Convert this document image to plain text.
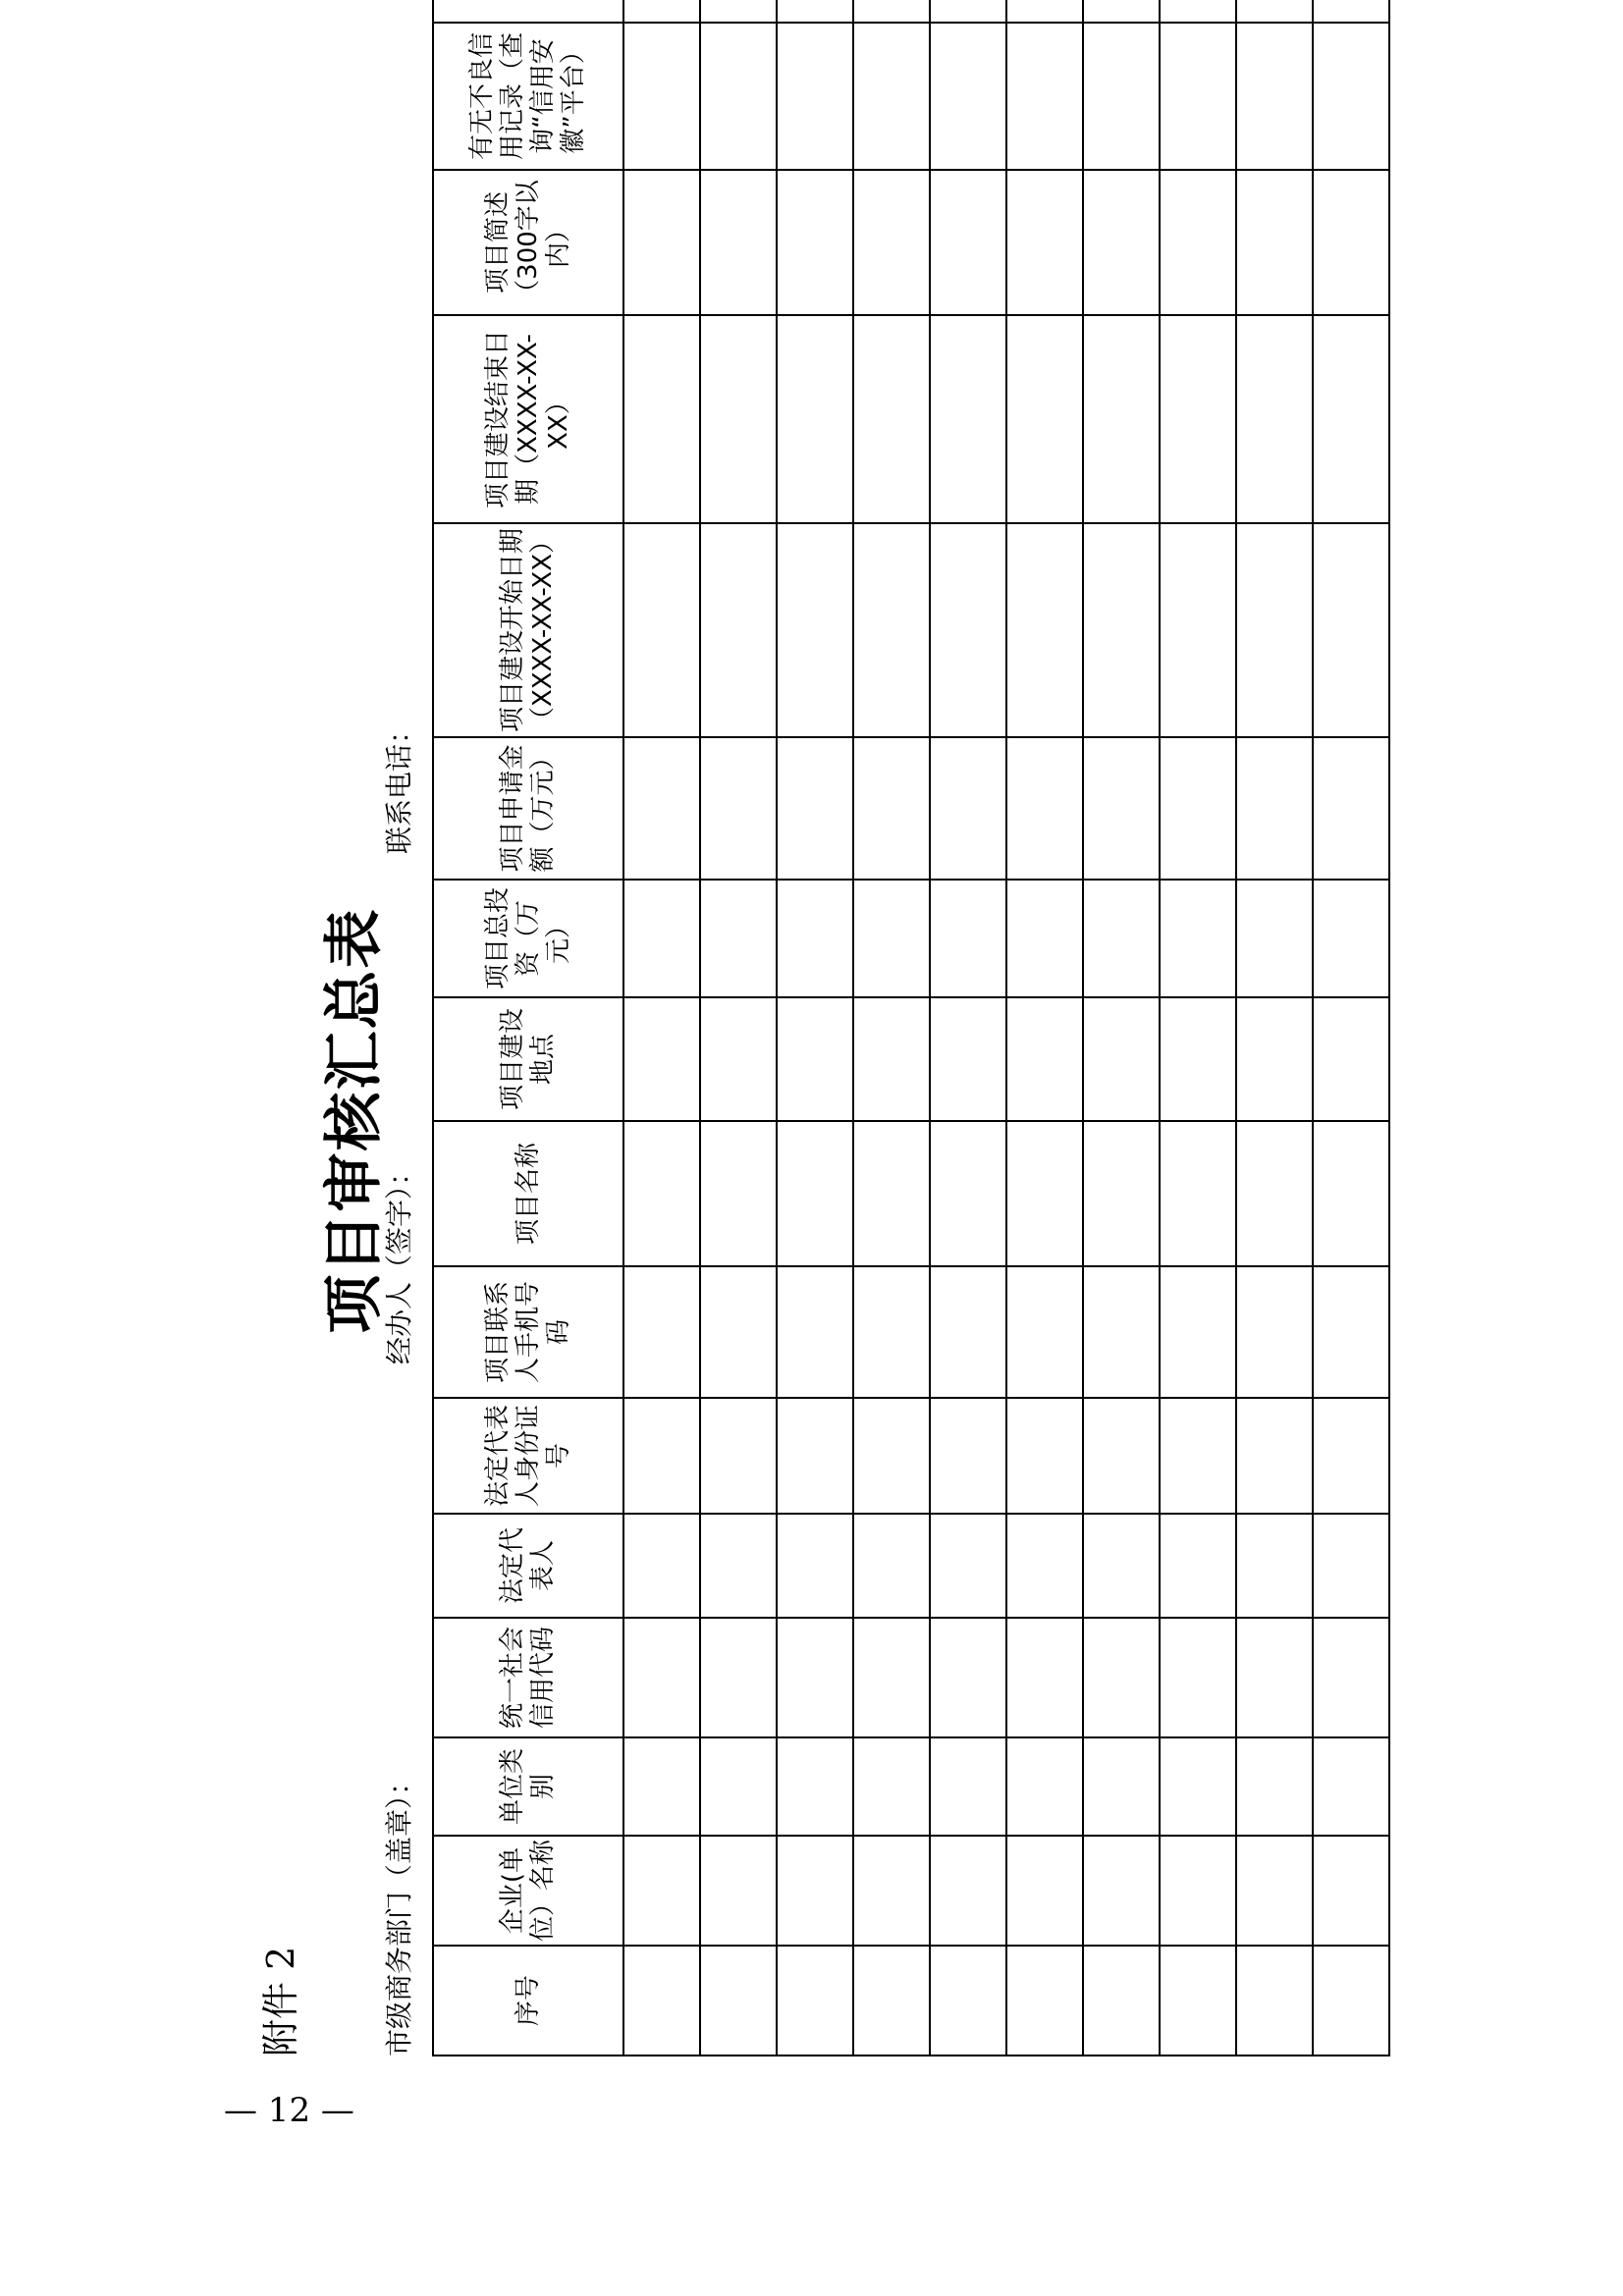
附件 2
项目审核汇总表
市级商务部门（盖章）：
经办人（签字）：
联系电话：
序号	企业(单位）名称	单位类别	统一社会信用代码	法定代表人	法定代表人身份证号	项目联系人手机号码	项目名称	项目建设地点	项目总投资（万元）	项目申请金额（万元）	项目建设开始日期（XXXX-XX-XX）	项目建设结束日期（XXXX-XX-XX）	项目简述（300字以内）	有无不良信用记录（查询“信用安徽”平台）	

— 12 —
